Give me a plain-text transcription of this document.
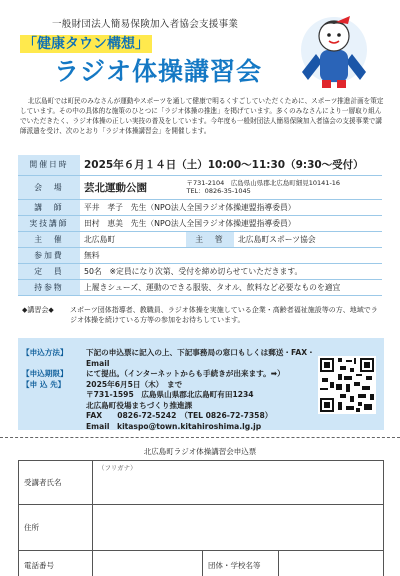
一般財団法人簡易保険加入者協会支援事業
「健康タウン構想」
ラジオ体操講習会

北広島町では町民のみなさんが運動やスポーツを通して健康で明るくすごしていただくために、スポーツ推進計画を策定しています。その中の具体的な施策のひとつに「ラジオ体操の推進」を掲げています。多くのみなさんにより一層取り組んでいただきたく、ラジオ体操の正しい実技の普及をしています。今年度も一般財団法人簡易保険加入者協会の支援事業で講師派遣を受け、次のとおり「ラジオ体操講習会」を開催します。

開催日時	2025年６月１４日（土）10:00～11:30（9:30～受付）		
会　場	芸北運動公園 〒731-2104　広島県山県郡北広島町細見10141-16
TEL：0826-35-1045		
講　師	平井　孝子　先生（NPO法人全国ラジオ体操連盟指導委員）		
実技講師	田村　恵美　先生（NPO法人全国ラジオ体操連盟指導委員）		
主　催	北広島町	主　管	北広島町スポーツ協会
参加費	無料		
定　員	50名　※定員になり次第、受付を締め切らせていただきます。		
持参物	上履きシューズ、運動のできる服装、タオル、飲料など必要なものを適宜		
◆講習会◆	スポーツ団体指導者、教職員、ラジオ体操を実施している企業・高齢者福祉施設等の方、地域でラジオ体操を続けている方等の参加をお待ちしています。
【申込方法】

【申込期限】
【申 込 先】
下記の申込票に記入の上、下記事務局の窓口もしくは郵送・FAX・Email
にて提出。（インターネットからも手続きが出来ます。➡）
2025年6月5日（木）　まで
〒731-1595　広島県山県郡北広島町有田1234
北広島町役場まちづくり推進課
FAX　　0826-72-5242　（TEL 0826-72-7358）
Email　kitaspo@town.kitahiroshima.lg.jp
北広島町ラジオ体操講習会申込票
受講者氏名	（フリガナ）		
住所			
電話番号		団体・学校名等	
